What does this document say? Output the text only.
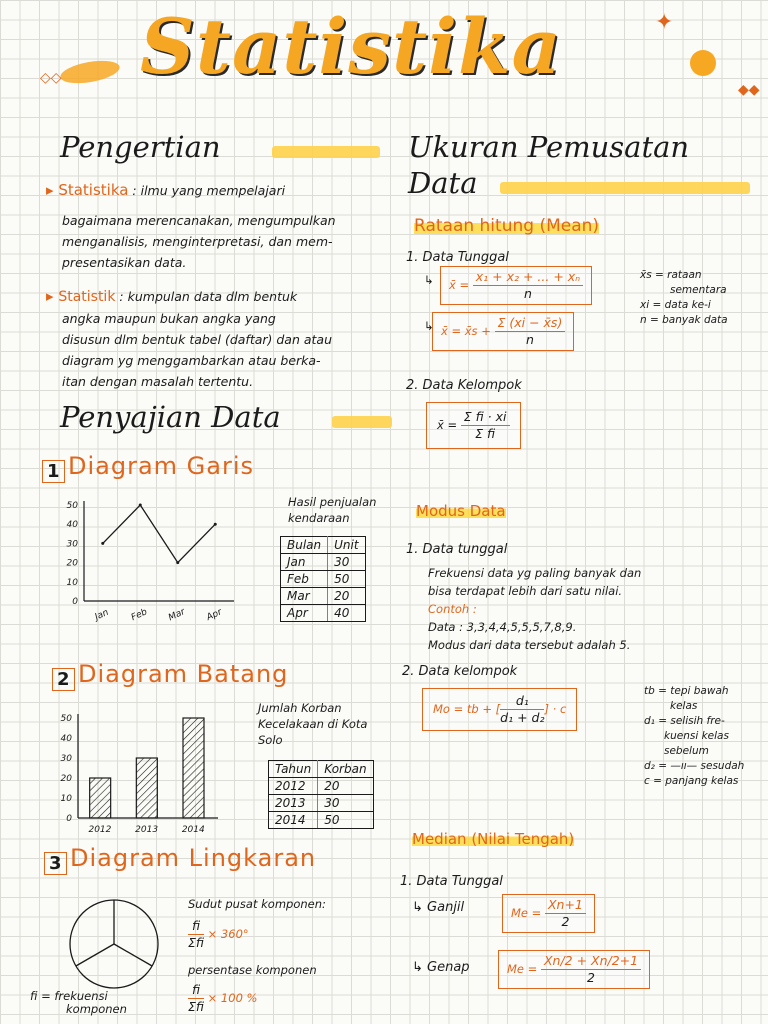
Statistika	✦
◆◆
◇◇
Pengertian
▸ Statistika : ilmu yang mempelajari
bagaimana merencanakan, mengumpulkan
menganalisis, menginterpretasi, dan mem-
presentasikan data.
▸ Statistik : kumpulan data dlm bentuk
angka maupun bukan angka yang
disusun dlm bentuk tabel (daftar) dan atau
diagram yg menggambarkan atau berka-
itan dengan masalah tertentu.
Penyajian Data
1 Diagram Garis
0
10
20
30
40
50
Jan Feb Mar Apr
Hasil penjualan
kendaraan
Bulan	Unit
Jan	30
Feb	50
Mar	20
Apr	40
2 Diagram Batang
0
10
20
30
40
50
2012	2013	2014
Jumlah Korban
Kecelakaan di Kota
Solo
Tahun	Korban
2012	20
2013	30
2014	50
3 Diagram Lingkaran
Sudut pusat komponen:
$\frac{fi}{\text{Σfi}} \times 360^\circ$
persentase komponen
$\frac{fi}{\text{Σfi}} \times 100$ %
fi = frekuensi
komponen
Ukuran Pemusatan
Data
Rataan hitung (Mean)
1. Data Tunggal
↳	x̄ = $\frac{\text{x₁ + x₂ + ... + xₙ}}{n}$
↳ x̄ = x̄s + $\frac{\Sigma (xi - x̄s)}{n}$
x̄s = rataan
sementara
xi = data ke-i
n = banyak data
2. Data Kelompok
x̄ = $\frac{\text{Σ fi · xi}}{\text{Σ fi}}$
Modus Data
1. Data tunggal
Frekuensi data yg paling banyak dan
bisa terdapat lebih dari satu nilai.
Contoh :
Data : 3,3,4,4,5,5,5,7,8,9.
Modus dari data tersebut adalah 5.
2. Data kelompok
Mo = tb + [ $\frac{\text{d₁}}{\text{d₁ + d₂}}$ ] · c
tb = tepi bawah
kelas
d₁ = selisih fre-
kuensi kelas
sebelum
d₂ = —ıı— sesudah
c = panjang kelas
Median (Nilai Tengah)
1. Data Tunggal
↳ Ganjil	$Me = \frac{Xn+1}{2}$
↳ Genap	$Me = \frac{Xn/2 + Xn/2+1}{2}$
